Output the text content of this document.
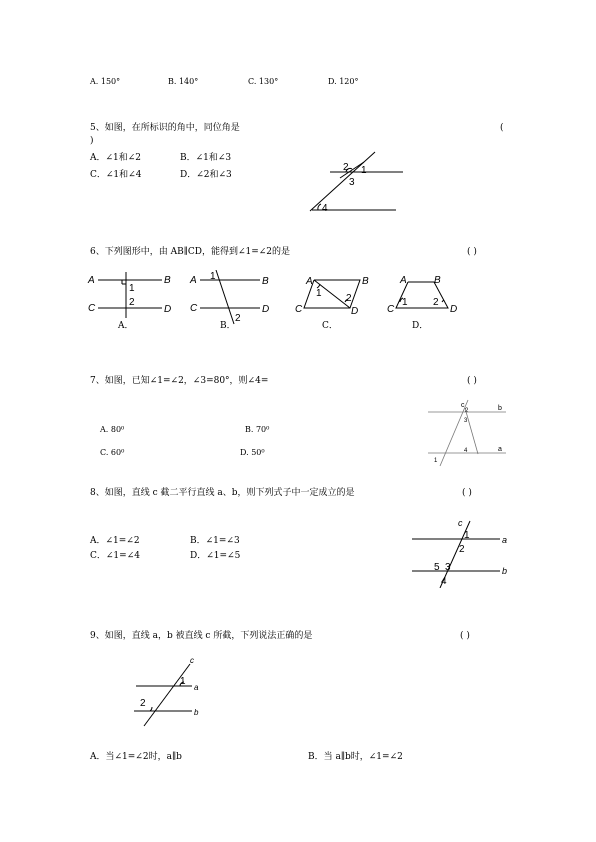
A. 150°	B. 140°	C. 130°	D. 120°
5、如图，在所标识的角中，同位角是	(
)
A．∠1和∠2	B．∠1和∠3
C．∠1和∠4	D．∠2和∠3
2 1
3
4
6、下列图形中，由 AB∥CD，能得到∠1=∠2的是	( )
A	B
C	D
1
2
A．
A	B
C	D
1
2
B．
A	B
C	D
1 2
C．
A	B
C	D
1	2
D．
7、如图，已知∠1=∠2，∠3=80°，则∠4=	( )
A. 80⁰	B. 70⁰
C. 60⁰	D. 50⁰
c	b
2
3
a
4
1
8、如图，直线 c 截二平行直线 a、b，则下列式子中一定成立的是	( )
A．∠1=∠2	B．∠1=∠3
C．∠1=∠4	D．∠1=∠5
c
1	a
2
5 3	b
4
9、如图，直线 a，b 被直线 c 所截，下列说法正确的是	( )
c
1
a
2
b
A．当∠1=∠2时，a∥b	B．当 a∥b时，∠1=∠2
